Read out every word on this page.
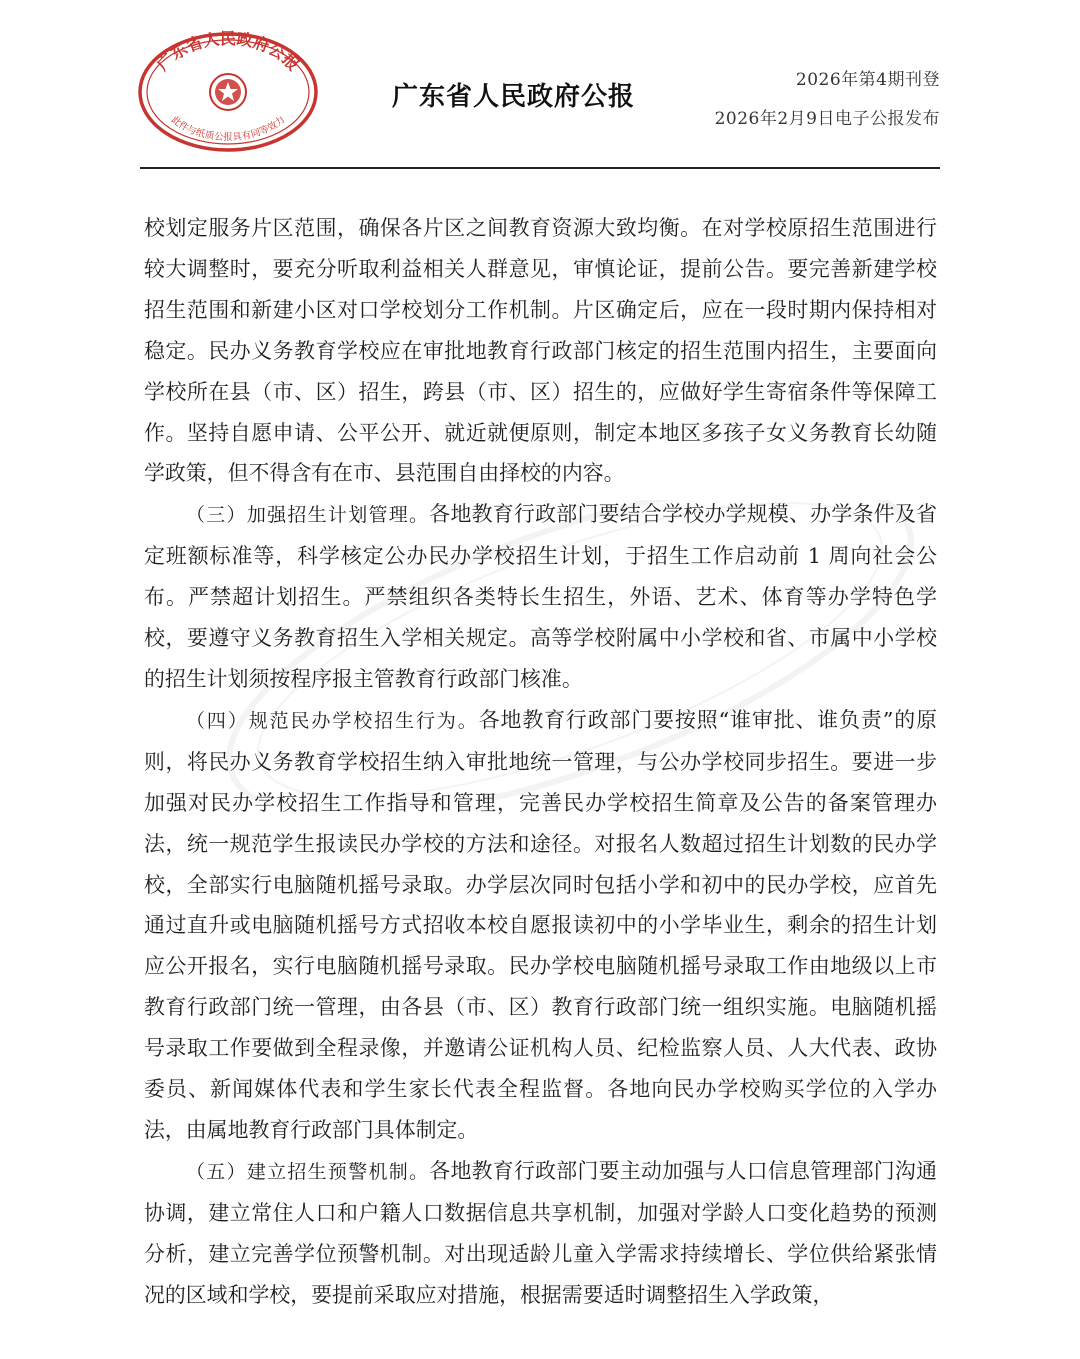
广东省人民政府公报
此件与纸质公报具有同等效力
广东省人民政府公报
2026年第4期刊登
2026年2月9日电子公报发布

校划定服务片区范围，确保各片区之间教育资源大致均衡。在对学校原招生范围进行较大调整时，要充分听取利益相关人群意见，审慎论证，提前公告。要完善新建学校招生范围和新建小区对口学校划分工作机制。片区确定后，应在一段时期内保持相对稳定。民办义务教育学校应在审批地教育行政部门核定的招生范围内招生，主要面向学校所在县（市、区）招生，跨县（市、区）招生的，应做好学生寄宿条件等保障工作。坚持自愿申请、公平公开、就近就便原则，制定本地区多孩子女义务教育长幼随学政策，但不得含有在市、县范围自由择校的内容。

（三）加强招生计划管理。各地教育行政部门要结合学校办学规模、办学条件及省定班额标准等，科学核定公办民办学校招生计划，于招生工作启动前 1 周向社会公布。严禁超计划招生。严禁组织各类特长生招生，外语、艺术、体育等办学特色学校，要遵守义务教育招生入学相关规定。高等学校附属中小学校和省、市属中小学校的招生计划须按程序报主管教育行政部门核准。

（四）规范民办学校招生行为。各地教育行政部门要按照“谁审批、谁负责”的原则，将民办义务教育学校招生纳入审批地统一管理，与公办学校同步招生。要进一步加强对民办学校招生工作指导和管理，完善民办学校招生简章及公告的备案管理办法，统一规范学生报读民办学校的方法和途径。对报名人数超过招生计划数的民办学校，全部实行电脑随机摇号录取。办学层次同时包括小学和初中的民办学校，应首先通过直升或电脑随机摇号方式招收本校自愿报读初中的小学毕业生，剩余的招生计划应公开报名，实行电脑随机摇号录取。民办学校电脑随机摇号录取工作由地级以上市教育行政部门统一管理，由各县（市、区）教育行政部门统一组织实施。电脑随机摇号录取工作要做到全程录像，并邀请公证机构人员、纪检监察人员、人大代表、政协委员、新闻媒体代表和学生家长代表全程监督。各地向民办学校购买学位的入学办法，由属地教育行政部门具体制定。

（五）建立招生预警机制。各地教育行政部门要主动加强与人口信息管理部门沟通协调，建立常住人口和户籍人口数据信息共享机制，加强对学龄人口变化趋势的预测分析，建立完善学位预警机制。对出现适龄儿童入学需求持续增长、学位供给紧张情况的区域和学校，要提前采取应对措施，根据需要适时调整招生入学政策，
